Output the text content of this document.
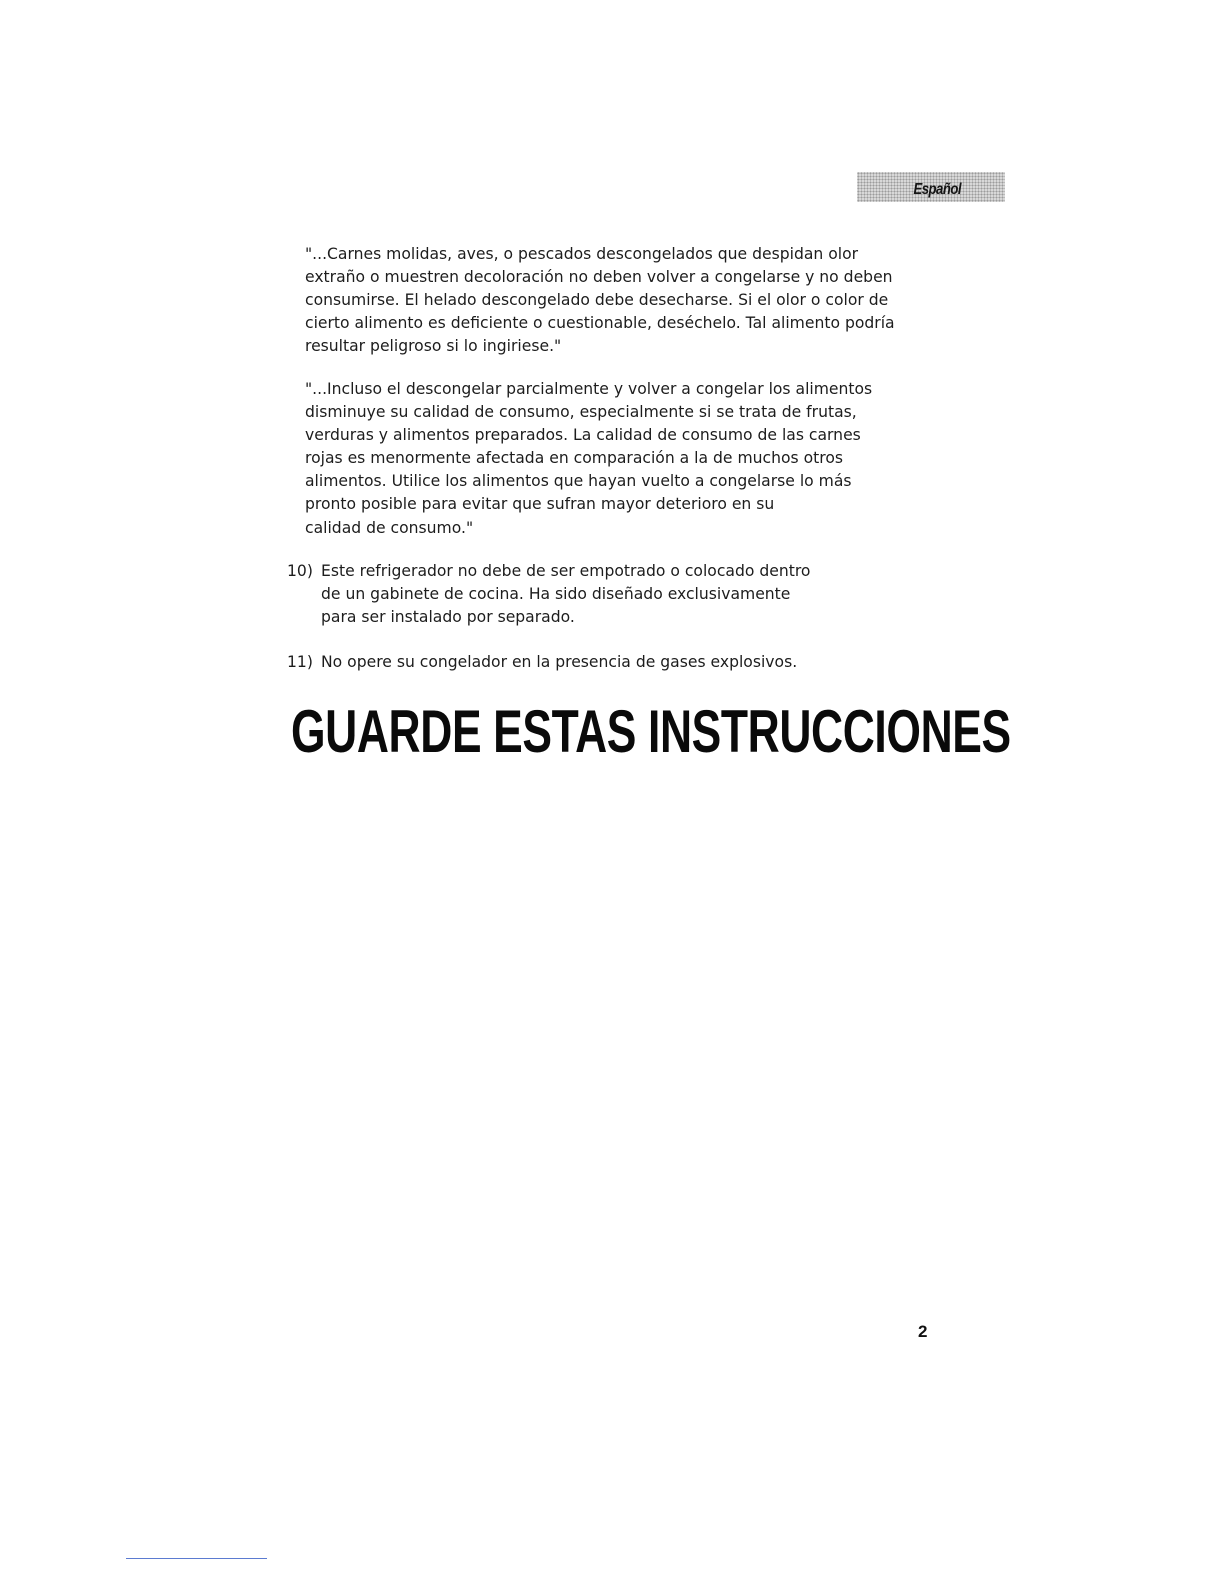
Español

"...Carnes molidas, aves, o pescados descongelados que despidan olor
extraño o muestren decoloración no deben volver a congelarse y no deben
consumirse. El helado descongelado debe desecharse. Si el olor o color de
cierto alimento es deficiente o cuestionable, deséchelo. Tal alimento podría
resultar peligroso si lo ingiriese."

"...Incluso el descongelar parcialmente y volver a congelar los alimentos
disminuye su calidad de consumo, especialmente si se trata de frutas,
verduras y alimentos preparados. La calidad de consumo de las carnes
rojas es menormente afectada en comparación a la de muchos otros
alimentos. Utilice los alimentos que hayan vuelto a congelarse lo más
pronto posible para evitar que sufran mayor deterioro en su
calidad de consumo."

10) Este refrigerador no debe de ser empotrado o colocado dentro
de un gabinete de cocina. Ha sido diseñado exclusivamente
para ser instalado por separado.
11) No opere su congelador en la presencia de gases explosivos.
GUARDE ESTAS INSTRUCCIONES
2
